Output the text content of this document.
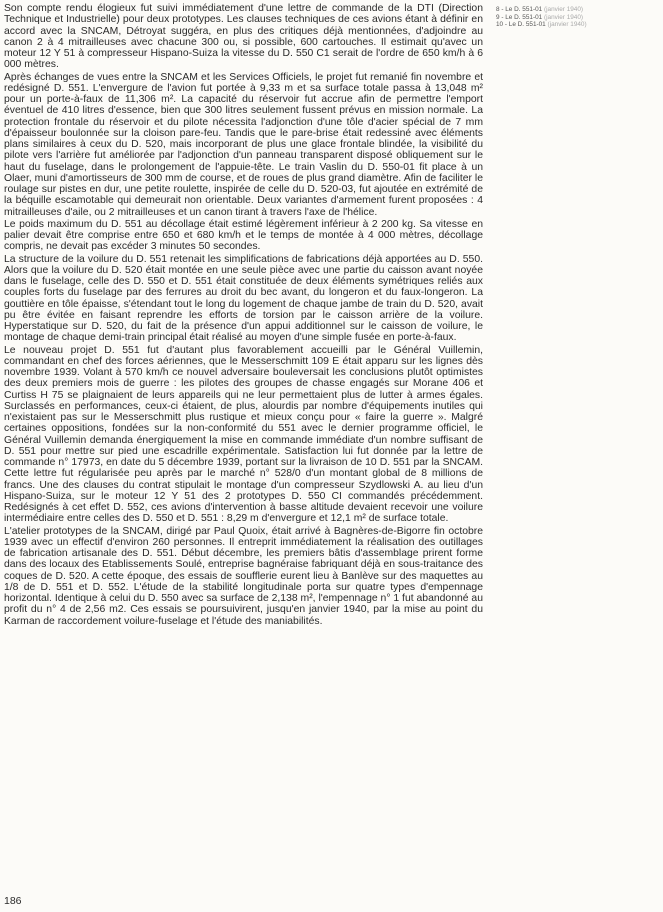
Son compte rendu élogieux fut suivi immédiatement d'une lettre de commande de la DTI (Direction Technique et Industrielle) pour deux prototypes. Les clauses techniques de ces avions étant à définir en accord avec la SNCAM, Détroyat suggéra, en plus des critiques déjà mentionnées, d'adjoindre au canon 2 à 4 mitrailleuses avec chacune 300 ou, si possible, 600 cartouches. Il estimait qu'avec un moteur 12 Y 51 à compresseur Hispano-Suiza la vitesse du D. 550 C1 serait de l'ordre de 650 km/h à 6 000 mètres.

Après échanges de vues entre la SNCAM et les Services Officiels, le projet fut remanié fin novembre et redésigné D. 551. L'envergure de l'avion fut portée à 9,33 m et sa surface totale passa à 13,048 m² pour un porte-à-faux de 11,306 m². La capacité du réservoir fut accrue afin de permettre l'emport éventuel de 410 litres d'essence, bien que 300 litres seulement fussent prévus en mission normale. La protection frontale du réservoir et du pilote nécessita l'adjonction d'une tôle d'acier spécial de 7 mm d'épaisseur boulonnée sur la cloison pare-feu. Tandis que le pare-brise était redessiné avec éléments plans similaires à ceux du D. 520, mais incorporant de plus une glace frontale blindée, la visibilité du pilote vers l'arrière fut améliorée par l'adjonction d'un panneau transparent disposé obliquement sur le haut du fuselage, dans le prolongement de l'appuie-tête. Le train Vaslin du D. 550-01 fit place à un Olaer, muni d'amortisseurs de 300 mm de course, et de roues de plus grand diamètre. Afin de faciliter le roulage sur pistes en dur, une petite roulette, inspirée de celle du D. 520-03, fut ajoutée en extrémité de la béquille escamotable qui demeurait non orientable. Deux variantes d'armement furent proposées : 4 mitrailleuses d'aile, ou 2 mitrailleuses et un canon tirant à travers l'axe de l'hélice.

Le poids maximum du D. 551 au décollage était estimé légèrement inférieur à 2 200 kg. Sa vitesse en palier devait être comprise entre 650 et 680 km/h et le temps de montée à 4 000 mètres, décollage compris, ne devait pas excéder 3 minutes 50 secondes.

La structure de la voilure du D. 551 retenait les simplifications de fabrications déjà apportées au D. 550. Alors que la voilure du D. 520 était montée en une seule pièce avec une partie du caisson avant noyée dans le fuselage, celle des D. 550 et D. 551 était constituée de deux éléments symétriques reliés aux couples forts du fuselage par des ferrures au droit du bec avant, du longeron et du faux-longeron. La gouttière en tôle épaisse, s'étendant tout le long du logement de chaque jambe de train du D. 520, avait pu être évitée en faisant reprendre les efforts de torsion par le caisson arrière de la voilure. Hyperstatique sur D. 520, du fait de la présence d'un appui additionnel sur le caisson de voilure, le montage de chaque demi-train principal était réalisé au moyen d'une simple fusée en porte-à-faux.

Le nouveau projet D. 551 fut d'autant plus favorablement accueilli par le Général Vuillemin, commandant en chef des forces aériennes, que le Messerschmitt 109 E était apparu sur les lignes dès novembre 1939. Volant à 570 km/h ce nouvel adversaire bouleversait les conclusions plutôt optimistes des deux premiers mois de guerre : les pilotes des groupes de chasse engagés sur Morane 406 et Curtiss H 75 se plaignaient de leurs appareils qui ne leur permettaient plus de lutter à armes égales. Surclassés en performances, ceux-ci étaient, de plus, alourdis par nombre d'équipements inutiles qui n'existaient pas sur le Messerschmitt plus rustique et mieux conçu pour « faire la guerre ». Malgré certaines oppositions, fondées sur la non-conformité du 551 avec le dernier programme officiel, le Général Vuillemin demanda énergiquement la mise en commande immédiate d'un nombre suffisant de D. 551 pour mettre sur pied une escadrille expérimentale. Satisfaction lui fut donnée par la lettre de commande n° 17973, en date du 5 décembre 1939, portant sur la livraison de 10 D. 551 par la SNCAM. Cette lettre fut régularisée peu après par le marché n° 528/0 d'un montant global de 8 millions de francs. Une des clauses du contrat stipulait le montage d'un compresseur Szydlowski A. au lieu d'un Hispano-Suiza, sur le moteur 12 Y 51 des 2 prototypes D. 550 CI commandés précédemment. Redésignés à cet effet D. 552, ces avions d'intervention à basse altitude devaient recevoir une voilure intermédiaire entre celles des D. 550 et D. 551 : 8,29 m d'envergure et 12,1 m² de surface totale.

L'atelier prototypes de la SNCAM, dirigé par Paul Quoix, était arrivé à Bagnères-de-Bigorre fin octobre 1939 avec un effectif d'environ 260 personnes. Il entreprit immédiatement la réalisation des outillages de fabrication artisanale des D. 551. Début décembre, les premiers bâtis d'assemblage prirent forme dans des locaux des Etablissements Soulé, entreprise bagnéraise fabriquant déjà en sous-traitance des coques de D. 520. A cette époque, des essais de soufflerie eurent lieu à Banlève sur des maquettes au 1/8 de D. 551 et D. 552. L'étude de la stabilité longitudinale porta sur quatre types d'empennage horizontal. Identique à celui du D. 550 avec sa surface de 2,138 m², l'empennage n° 1 fut abandonné au profit du n° 4 de 2,56 m2. Ces essais se poursuivirent, jusqu'en janvier 1940, par la mise au point du Karman de raccordement voilure-fuselage et l'étude des maniabilités.

8 - Le D. 551-01 (janvier 1940)
9 - Le D. 551-01 (janvier 1940)
10 - Le D. 551-01 (janvier 1940)
186
